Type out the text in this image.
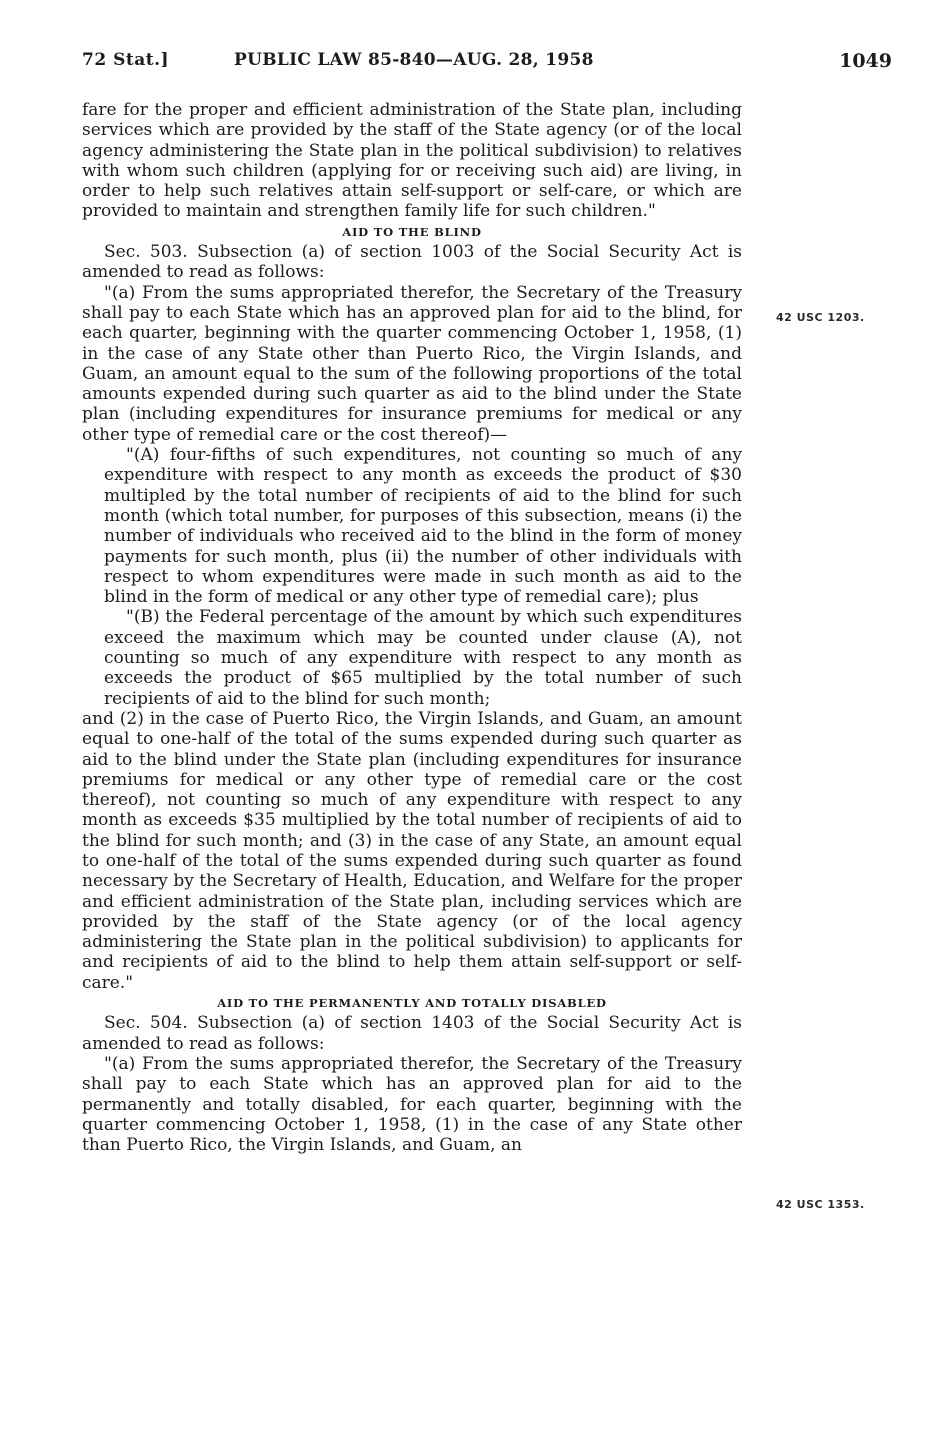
72 Stat.]	PUBLIC LAW 85-840—AUG. 28, 1958	1049

fare for the proper and efficient administration of the State plan, including services which are provided by the staff of the State agency (or of the local agency administering the State plan in the political subdivision) to relatives with whom such children (applying for or receiving such aid) are living, in order to help such relatives attain self-support or self-care, or which are provided to maintain and strengthen family life for such children."

AID TO THE BLIND

Sec. 503. Subsection (a) of section 1003 of the Social Security Act is amended to read as follows:

"(a) From the sums appropriated therefor, the Secretary of the Treasury shall pay to each State which has an approved plan for aid to the blind, for each quarter, beginning with the quarter commencing October 1, 1958, (1) in the case of any State other than Puerto Rico, the Virgin Islands, and Guam, an amount equal to the sum of the following proportions of the total amounts expended during such quarter as aid to the blind under the State plan (including expenditures for insurance premiums for medical or any other type of remedial care or the cost thereof)—

"(A) four-fifths of such expenditures, not counting so much of any expenditure with respect to any month as exceeds the product of $30 multipled by the total number of recipients of aid to the blind for such month (which total number, for purposes of this subsection, means (i) the number of individuals who received aid to the blind in the form of money payments for such month, plus (ii) the number of other individuals with respect to whom expenditures were made in such month as aid to the blind in the form of medical or any other type of remedial care); plus

"(B) the Federal percentage of the amount by which such expenditures exceed the maximum which may be counted under clause (A), not counting so much of any expenditure with respect to any month as exceeds the product of $65 multiplied by the total number of such recipients of aid to the blind for such month;

and (2) in the case of Puerto Rico, the Virgin Islands, and Guam, an amount equal to one-half of the total of the sums expended during such quarter as aid to the blind under the State plan (including expenditures for insurance premiums for medical or any other type of remedial care or the cost thereof), not counting so much of any expenditure with respect to any month as exceeds $35 multiplied by the total number of recipients of aid to the blind for such month; and (3) in the case of any State, an amount equal to one-half of the total of the sums expended during such quarter as found necessary by the Secretary of Health, Education, and Welfare for the proper and efficient administration of the State plan, including services which are provided by the staff of the State agency (or of the local agency administering the State plan in the political subdivision) to applicants for and recipients of aid to the blind to help them attain self-support or self-care."

AID TO THE PERMANENTLY AND TOTALLY DISABLED

Sec. 504. Subsection (a) of section 1403 of the Social Security Act is amended to read as follows:

"(a) From the sums appropriated therefor, the Secretary of the Treasury shall pay to each State which has an approved plan for aid to the permanently and totally disabled, for each quarter, beginning with the quarter commencing October 1, 1958, (1) in the case of any State other than Puerto Rico, the Virgin Islands, and Guam, an

42 USC 1203.
42 USC 1353.
